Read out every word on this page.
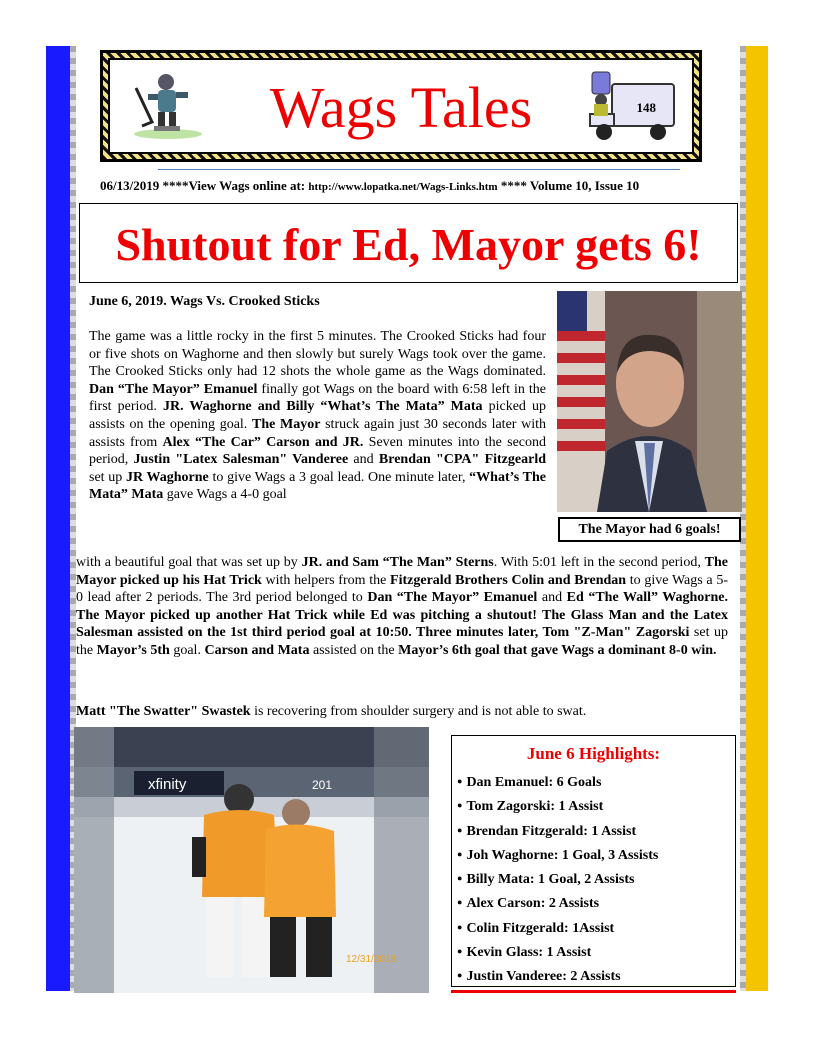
Wags Tales	148
06/13/2019 ****View Wags online at: http://www.lopatka.net/Wags-Links.htm **** Volume 10, Issue 10
Shutout for Ed, Mayor gets 6!
June 6, 2019. Wags Vs. Crooked Sticks

The game was a little rocky in the first 5 minutes. The Crooked Sticks had four or five shots on Waghorne and then slowly but surely Wags took over the game. The Crooked Sticks only had 12 shots the whole game as the Wags dominated. Dan “The Mayor” Emanuel finally got Wags on the board with 6:58 left in the first period. JR. Waghorne and Billy “What’s The Mata” Mata picked up assists on the opening goal. The Mayor struck again just 30 seconds later with assists from Alex “The Car” Carson and JR. Seven minutes into the second period, Justin "Latex Salesman" Vanderee and Brendan "CPA" Fitzgearld set up JR Waghorne to give Wags a 3 goal lead. One minute later, “What’s The Mata” Mata gave Wags a 4-0 goal

The Mayor had 6 goals!

with a beautiful goal that was set up by JR. and Sam “The Man” Sterns. With 5:01 left in the second period, The Mayor picked up his Hat Trick with helpers from the Fitzgerald Brothers Colin and Brendan to give Wags a 5-0 lead after 2 periods. The 3rd period belonged to Dan “The Mayor” Emanuel and Ed “The Wall” Waghorne. The Mayor picked up another Hat Trick while Ed was pitching a shutout! The Glass Man and the Latex Salesman assisted on the 1st third period goal at 10:50. Three minutes later, Tom "Z-Man" Zagorski set up the Mayor’s 5th goal. Carson and Mata assisted on the Mayor’s 6th goal that gave Wags a dominant 8-0 win.

Matt "The Swatter" Swastek is recovering from shoulder surgery and is not able to swat.

xfinity	201
12/31/2018
June 6 Highlights:
● Dan Emanuel: 6 Goals
● Tom Zagorski: 1 Assist
● Brendan Fitzgerald: 1 Assist
● Joh Waghorne: 1 Goal, 3 Assists
● Billy Mata: 1 Goal, 2 Assists
● Alex Carson: 2 Assists
● Colin Fitzgerald: 1Assist
● Kevin Glass: 1 Assist
● Justin Vanderee: 2 Assists
